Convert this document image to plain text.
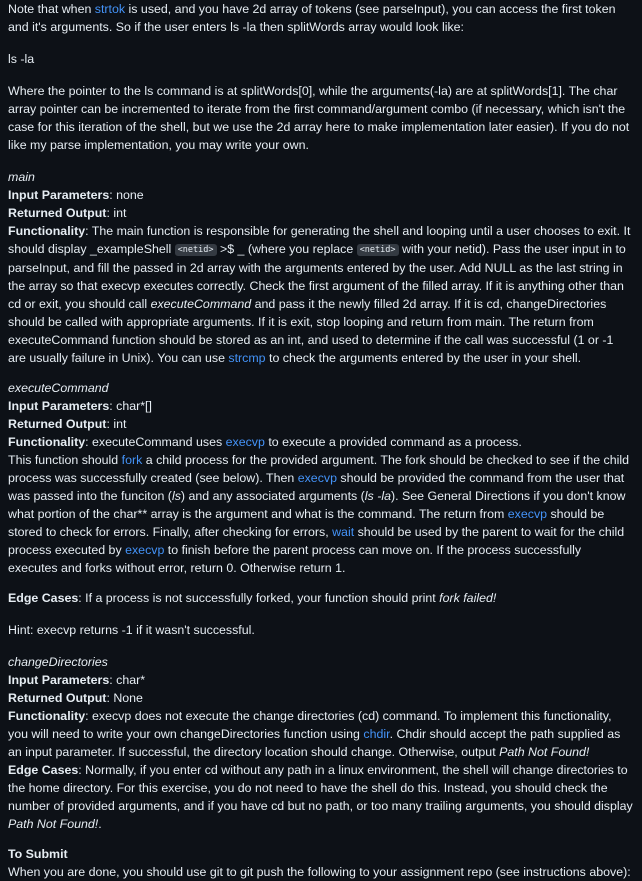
Note that when strtok is used, and you have 2d array of tokens (see parseInput), you can access the first token and it's arguments. So if the user enters ls -la then splitWords array would look like:

ls -la

Where the pointer to the ls command is at splitWords[0], while the arguments(-la) are at splitWords[1]. The char array pointer can be incremented to iterate from the first command/argument combo (if necessary, which isn't the case for this iteration of the shell, but we use the 2d array here to make implementation later easier). If you do not like my parse implementation, you may write your own.

main
Input Parameters: none
Returned Output: int
Functionality: The main function is responsible for generating the shell and looping until a user chooses to exit. It should display _exampleShell <netid> >$ _ (where you replace <netid> with your netid). Pass the user input in to parseInput, and fill the passed in 2d array with the arguments entered by the user. Add NULL as the last string in the array so that execvp executes correctly. Check the first argument of the filled array. If it is anything other than cd or exit, you should call executeCommand and pass it the newly filled 2d array. If it is cd, changeDirectories should be called with appropriate arguments. If it is exit, stop looping and return from main. The return from executeCommand function should be stored as an int, and used to determine if the call was successful (1 or -1 are usually failure in Unix). You can use strcmp to check the arguments entered by the user in your shell.
executeCommand
Input Parameters: char*[]
Returned Output: int
Functionality: executeCommand uses execvp to execute a provided command as a process.
This function should fork a child process for the provided argument. The fork should be checked to see if the child process was successfully created (see below). Then execvp should be provided the command from the user that was passed into the funciton (ls) and any associated arguments (ls -la). See General Directions if you don't know what portion of the char** array is the argument and what is the command. The return from execvp should be stored to check for errors. Finally, after checking for errors, wait should be used by the parent to wait for the child process executed by execvp to finish before the parent process can move on. If the process successfully executes and forks without error, return 0. Otherwise return 1.

Edge Cases: If a process is not successfully forked, your function should print fork failed!

Hint: execvp returns -1 if it wasn't successful.

changeDirectories
Input Parameters: char*
Returned Output: None
Functionality: execvp does not execute the change directories (cd) command. To implement this functionality, you will need to write your own changeDirectories function using chdir. Chdir should accept the path supplied as an input parameter. If successful, the directory location should change. Otherwise, output Path Not Found!
Edge Cases: Normally, if you enter cd without any path in a linux environment, the shell will change directories to the home directory. For this exercise, you do not need to have the shell do this. Instead, you should check the number of provided arguments, and if you have cd but no path, or too many trailing arguments, you should display Path Not Found!.
To Submit
When you are done, you should use git to git push the following to your assignment repo (see instructions above):
